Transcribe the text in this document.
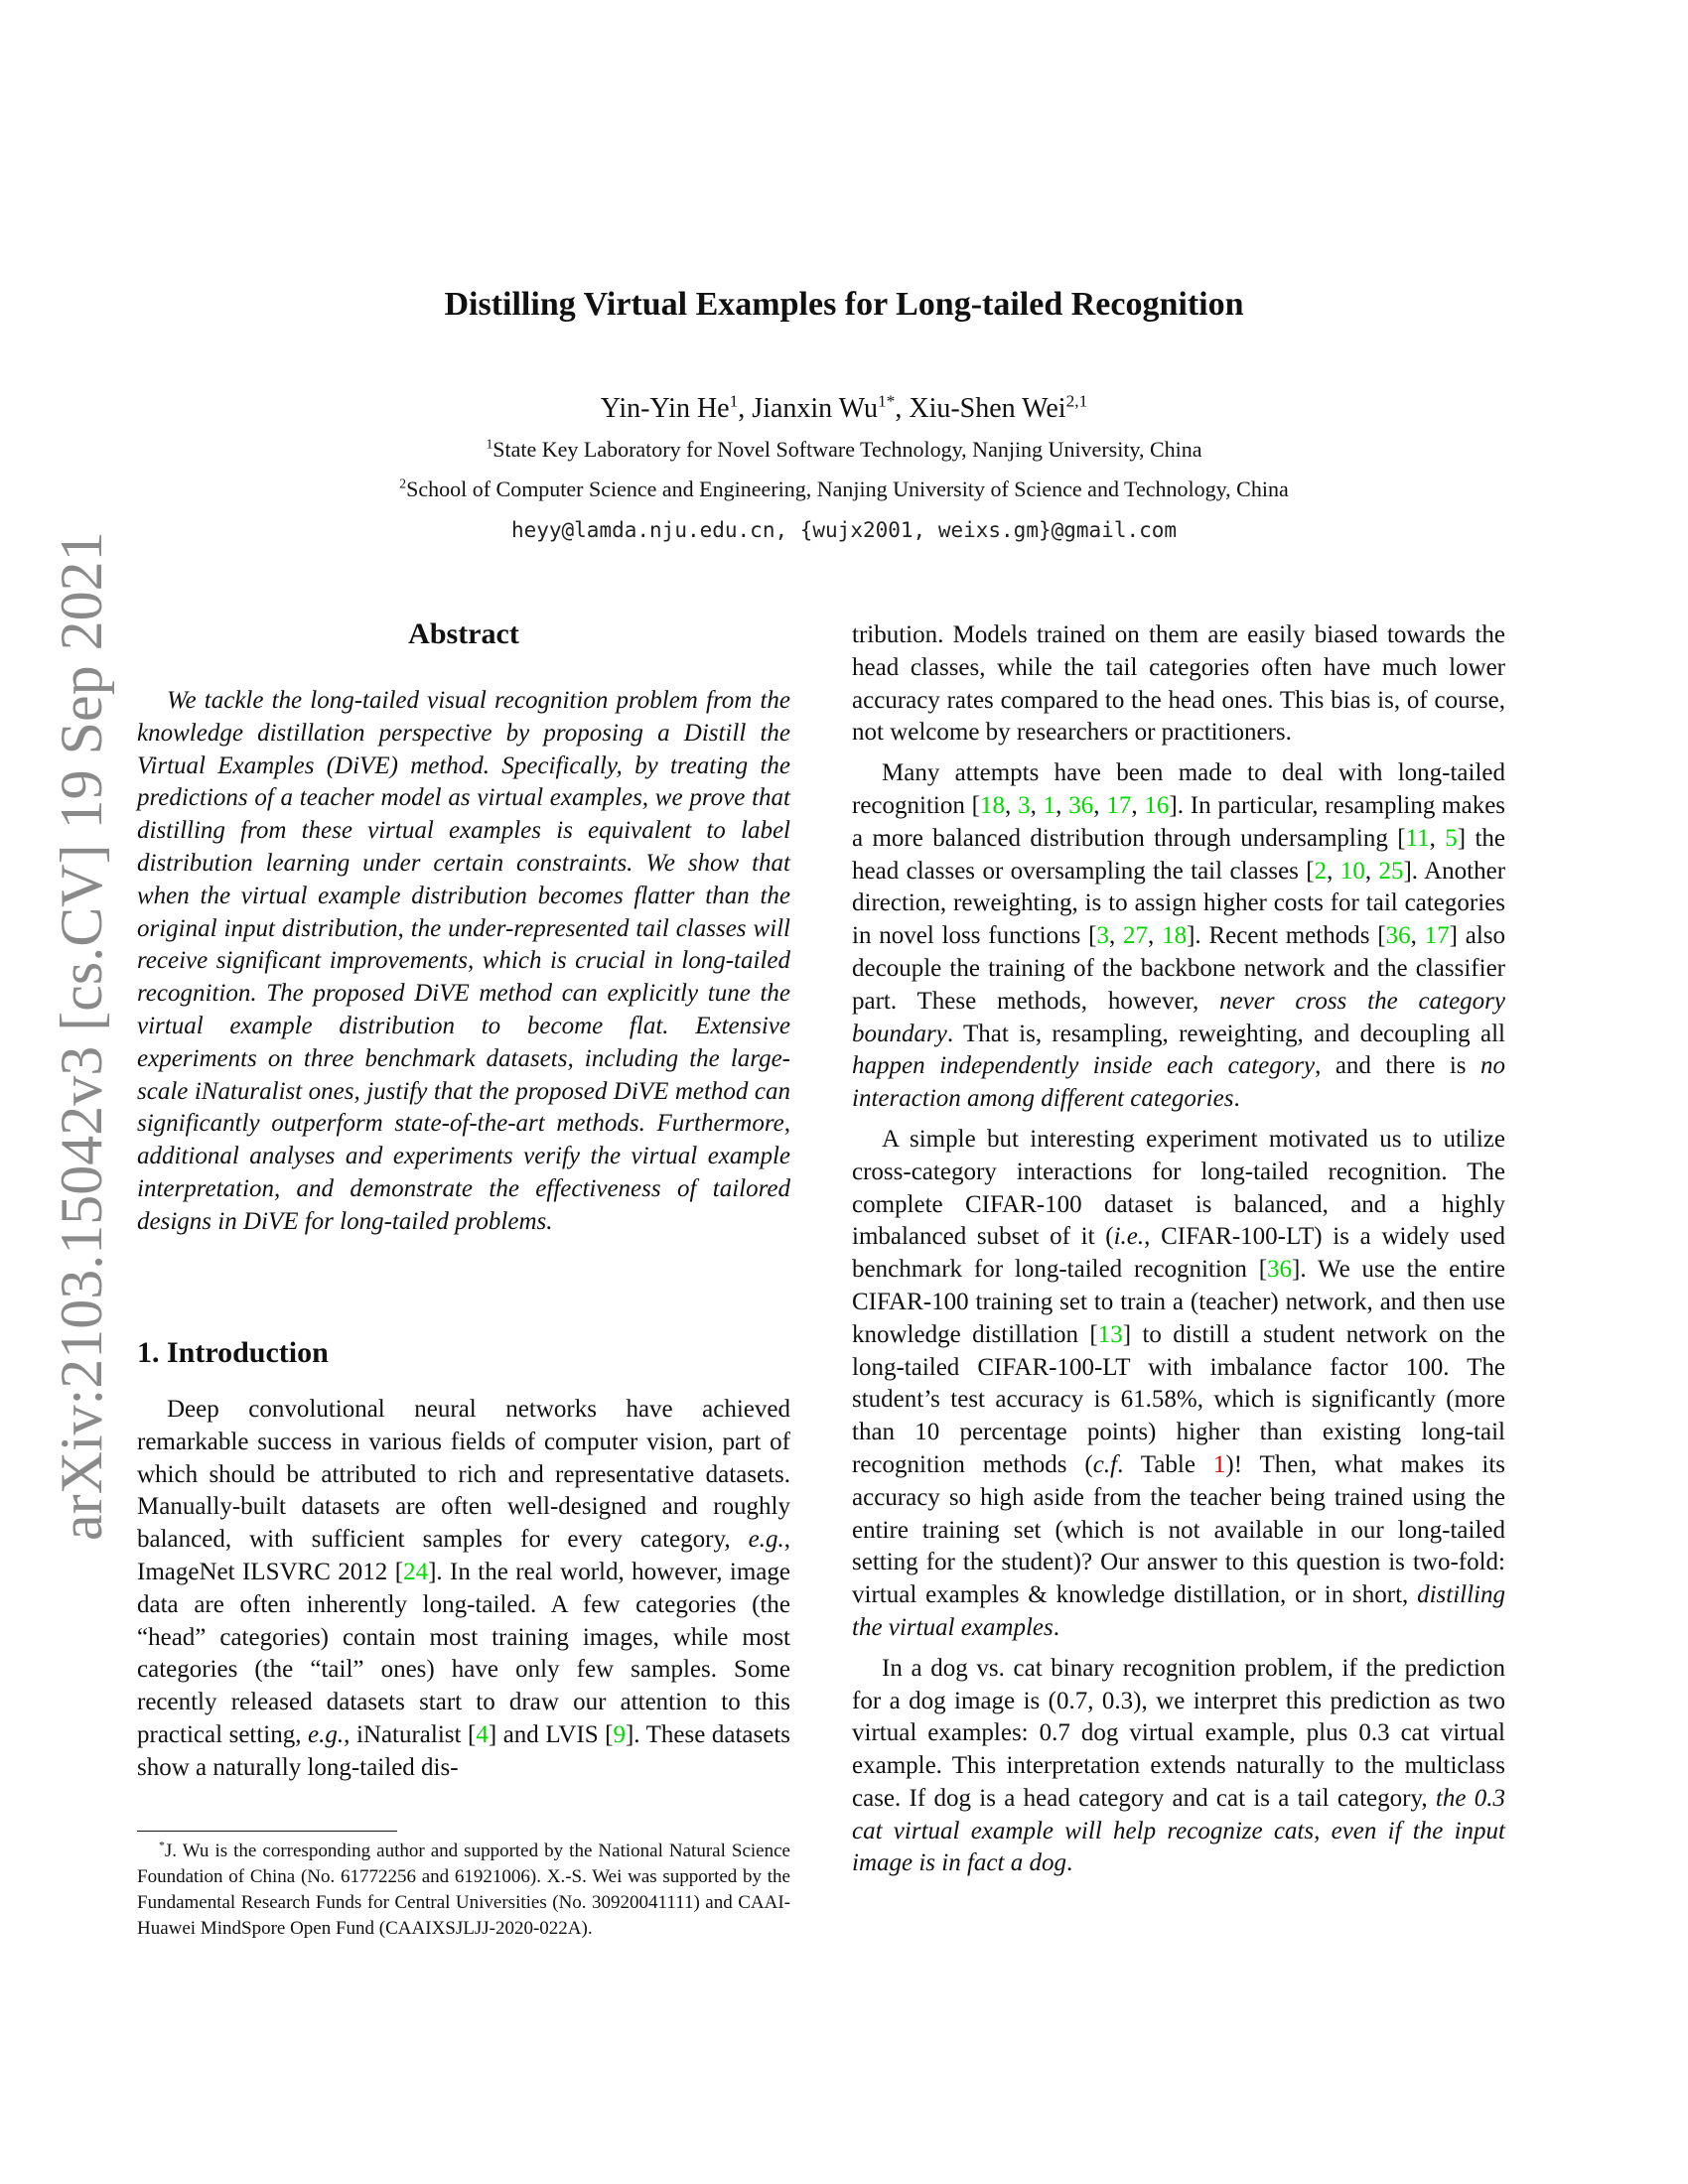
arXiv:2103.15042v3 [cs.CV] 19 Sep 2021
Distilling Virtual Examples for Long-tailed Recognition
Yin-Yin He$^1$, Jianxin $Wu^{1*}$, Xiu-Shen Wei$^{2,1}$
$^1$State Key Laboratory for Novel Software Technology, Nanjing University, China
$^2$School of Computer Science and Engineering, Nanjing University of Science and Technology, China
heyy@lamda.nju.edu.cn, {wujx2001, weixs.gm}@gmail.com
Abstract

We tackle the long-tailed visual recognition problem from the knowledge distillation perspective by proposing a Distill the Virtual Examples (DiVE) method. Specifically, by treating the predictions of a teacher model as virtual examples, we prove that distilling from these virtual examples is equivalent to label distribution learning under certain constraints. We show that when the virtual example distribution becomes flatter than the original input distribution, the under-represented tail classes will receive significant improvements, which is crucial in long-tailed recognition. The proposed DiVE method can explicitly tune the virtual example distribution to become flat. Extensive experiments on three benchmark datasets, including the large-scale iNaturalist ones, justify that the proposed DiVE method can significantly outperform state-of-the-art methods. Furthermore, additional analyses and experiments verify the virtual example interpretation, and demonstrate the effectiveness of tailored designs in DiVE for long-tailed problems.

1. Introduction

Deep convolutional neural networks have achieved remarkable success in various fields of computer vision, part of which should be attributed to rich and representative datasets. Manually-built datasets are often well-designed and roughly balanced, with sufficient samples for every category, e.g., ImageNet ILSVRC 2012 [24]. In the real world, however, image data are often inherently long-tailed. A few categories (the “head” categories) contain most training images, while most categories (the “tail” ones) have only few samples. Some recently released datasets start to draw our attention to this practical setting, e.g., iNaturalist [4] and LVIS [9]. These datasets show a naturally long-tailed dis-

*J. Wu is the corresponding author and supported by the National Natural Science Foundation of China (No. 61772256 and 61921006). X.-S. Wei was supported by the Fundamental Research Funds for Central Universities (No. 30920041111) and CAAI-Huawei MindSpore Open Fund (CAAIXSJLJJ-2020-022A).

tribution. Models trained on them are easily biased towards the head classes, while the tail categories often have much lower accuracy rates compared to the head ones. This bias is, of course, not welcome by researchers or practitioners.

Many attempts have been made to deal with long-tailed recognition [18, 3, 1, 36, 17, 16]. In particular, resampling makes a more balanced distribution through undersampling [11, 5] the head classes or oversampling the tail classes [2, 10, 25]. Another direction, reweighting, is to assign higher costs for tail categories in novel loss functions [3, 27, 18]. Recent methods [36, 17] also decouple the training of the backbone network and the classifier part. These methods, however, never cross the category boundary. That is, resampling, reweighting, and decoupling all happen independently inside each category, and there is no interaction among different categories.

A simple but interesting experiment motivated us to utilize cross-category interactions for long-tailed recognition. The complete CIFAR-100 dataset is balanced, and a highly imbalanced subset of it (i.e., CIFAR-100-LT) is a widely used benchmark for long-tailed recognition [36]. We use the entire CIFAR-100 training set to train a (teacher) network, and then use knowledge distillation [13] to distill a student network on the long-tailed CIFAR-100-LT with imbalance factor 100. The student’s test accuracy is 61.58%, which is significantly (more than 10 percentage points) higher than existing long-tail recognition methods (c.f. Table 1)! Then, what makes its accuracy so high aside from the teacher being trained using the entire training set (which is not available in our long-tailed setting for the student)? Our answer to this question is two-fold: virtual examples & knowledge distillation, or in short, distilling the virtual examples.

In a dog vs. cat binary recognition problem, if the prediction for a dog image is (0.7, 0.3), we interpret this prediction as two virtual examples: 0.7 dog virtual example, plus 0.3 cat virtual example. This interpretation extends naturally to the multiclass case. If dog is a head category and cat is a tail category, the 0.3 cat virtual example will help recognize cats, even if the input image is in fact a dog.
